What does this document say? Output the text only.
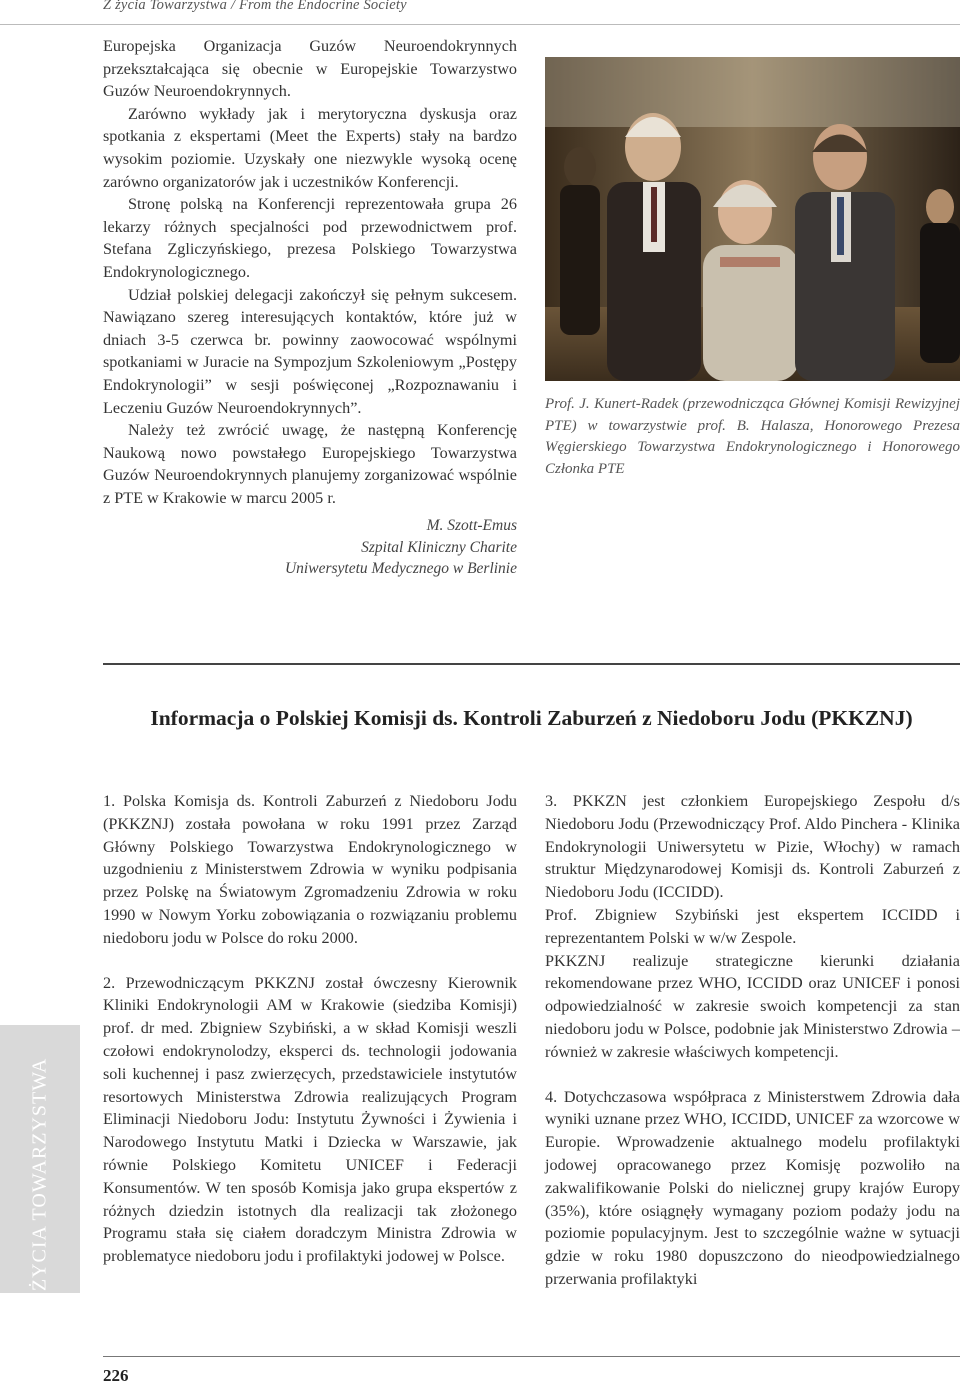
Z życia Towarzystwa / From the Endocrine Society

Europejska Organizacja Guzów Neuroendokrynnych przekształcająca się obecnie w Europejskie Towarzystwo Guzów Neuroendokrynnych.

Zarówno wykłady jak i merytoryczna dyskusja oraz spotkania z ekspertami (Meet the Experts) stały na bardzo wysokim poziomie. Uzyskały one niezwykle wysoką ocenę zarówno organizatorów jak i uczestników Konferencji.

Stronę polską na Konferencji reprezentowała grupa 26 lekarzy różnych specjalności pod przewodnictwem prof. Stefana Zgliczyńskiego, prezesa Polskiego Towarzystwa Endokrynologicznego.

Udział polskiej delegacji zakończył się pełnym sukcesem. Nawiązano szereg interesujących kontaktów, które już w dniach 3-5 czerwca br. powinny zaowocować wspólnymi spotkaniami w Juracie na Sympozjum Szkoleniowym „Postępy Endokrynologii” w sesji poświęconej „Rozpoznawaniu i Leczeniu Guzów Neuroendokrynnych”.

Należy też zwrócić uwagę, że następną Konferencję Naukową nowo powstałego Europejskiego Towarzystwa Guzów Neuroendokrynnych planujemy zorganizować wspólnie z PTE w Krakowie w marcu 2005 r.

M. Szott-Emus
Szpital Kliniczny Charite
Uniwersytetu Medycznego w Berlinie
Prof. J. Kunert-Radek (przewodnicząca Głównej Komisji Rewizyjnej PTE) w towarzystwie prof. B. Halasza, Honorowego Prezesa Węgierskiego Towarzystwa Endokrynologicznego i Honorowego Członka PTE
Informacja o Polskiej Komisji ds. Kontroli Zaburzeń z Niedoboru Jodu (PKKZNJ)

1. Polska Komisja ds. Kontroli Zaburzeń z Niedoboru Jodu (PKKZNJ) została powołana w roku 1991 przez Zarząd Główny Polskiego Towarzystwa Endokrynologicznego w uzgodnieniu z Ministerstwem Zdrowia w wyniku podpisania przez Polskę na Światowym Zgromadzeniu Zdrowia w roku 1990 w Nowym Yorku zobowiązania o rozwiązaniu problemu niedoboru jodu w Polsce do roku 2000.

2. Przewodniczącym PKKZNJ został ówczesny Kierownik Kliniki Endokrynologii AM w Krakowie (siedziba Komisji) prof. dr med. Zbigniew Szybiński, a w skład Komisji weszli czołowi endokrynolodzy, eksperci ds. technologii jodowania soli kuchennej i pasz zwierzęcych, przedstawiciele instytutów resortowych Ministerstwa Zdrowia realizujących Program Eliminacji Niedoboru Jodu: Instytutu Żywności i Żywienia i Narodowego Instytutu Matki i Dziecka w Warszawie, jak równie Polskiego Komitetu UNICEF i Federacji Konsumentów. W ten sposób Komisja jako grupa ekspertów z różnych dziedzin istotnych dla realizacji tak złożonego Programu stała się ciałem doradczym Ministra Zdrowia w problematyce niedoboru jodu i profilaktyki jodowej w Polsce.

3. PKKZN jest członkiem Europejskiego Zespołu d/s Niedoboru Jodu (Przewodniczący Prof. Aldo Pinchera - Klinika Endokrynologii Uniwersytetu w Pizie, Włochy) w ramach struktur Międzynarodowej Komisji ds. Kontroli Zaburzeń z Niedoboru Jodu (ICCIDD).

Prof. Zbigniew Szybiński jest ekspertem ICCIDD i reprezentantem Polski w w/w Zespole.

PKKZNJ realizuje strategiczne kierunki działania rekomendowane przez WHO, ICCIDD oraz UNICEF i ponosi odpowiedzialność w zakresie swoich kompetencji za stan niedoboru jodu w Polsce, podobnie jak Ministerstwo Zdrowia – również w zakresie właściwych kompetencji.

4. Dotychczasowa współpraca z Ministerstwem Zdrowia dała wyniki uznane przez WHO, ICCIDD, UNICEF za wzorcowe w Europie. Wprowadzenie aktualnego modelu profilaktyki jodowej opracowanego przez Komisję pozwoliło na zakwalifikowanie Polski do nielicznej grupy krajów Europy (35%), które osiągnęły wymagany poziom podaży jodu na poziomie populacyjnym. Jest to szczególnie ważne w sytuacji gdzie w roku 1980 dopuszczono do nieodpowiedzialnego przerwania profilaktyki

Z ŻYCIA TOWARZYSTWA
226
